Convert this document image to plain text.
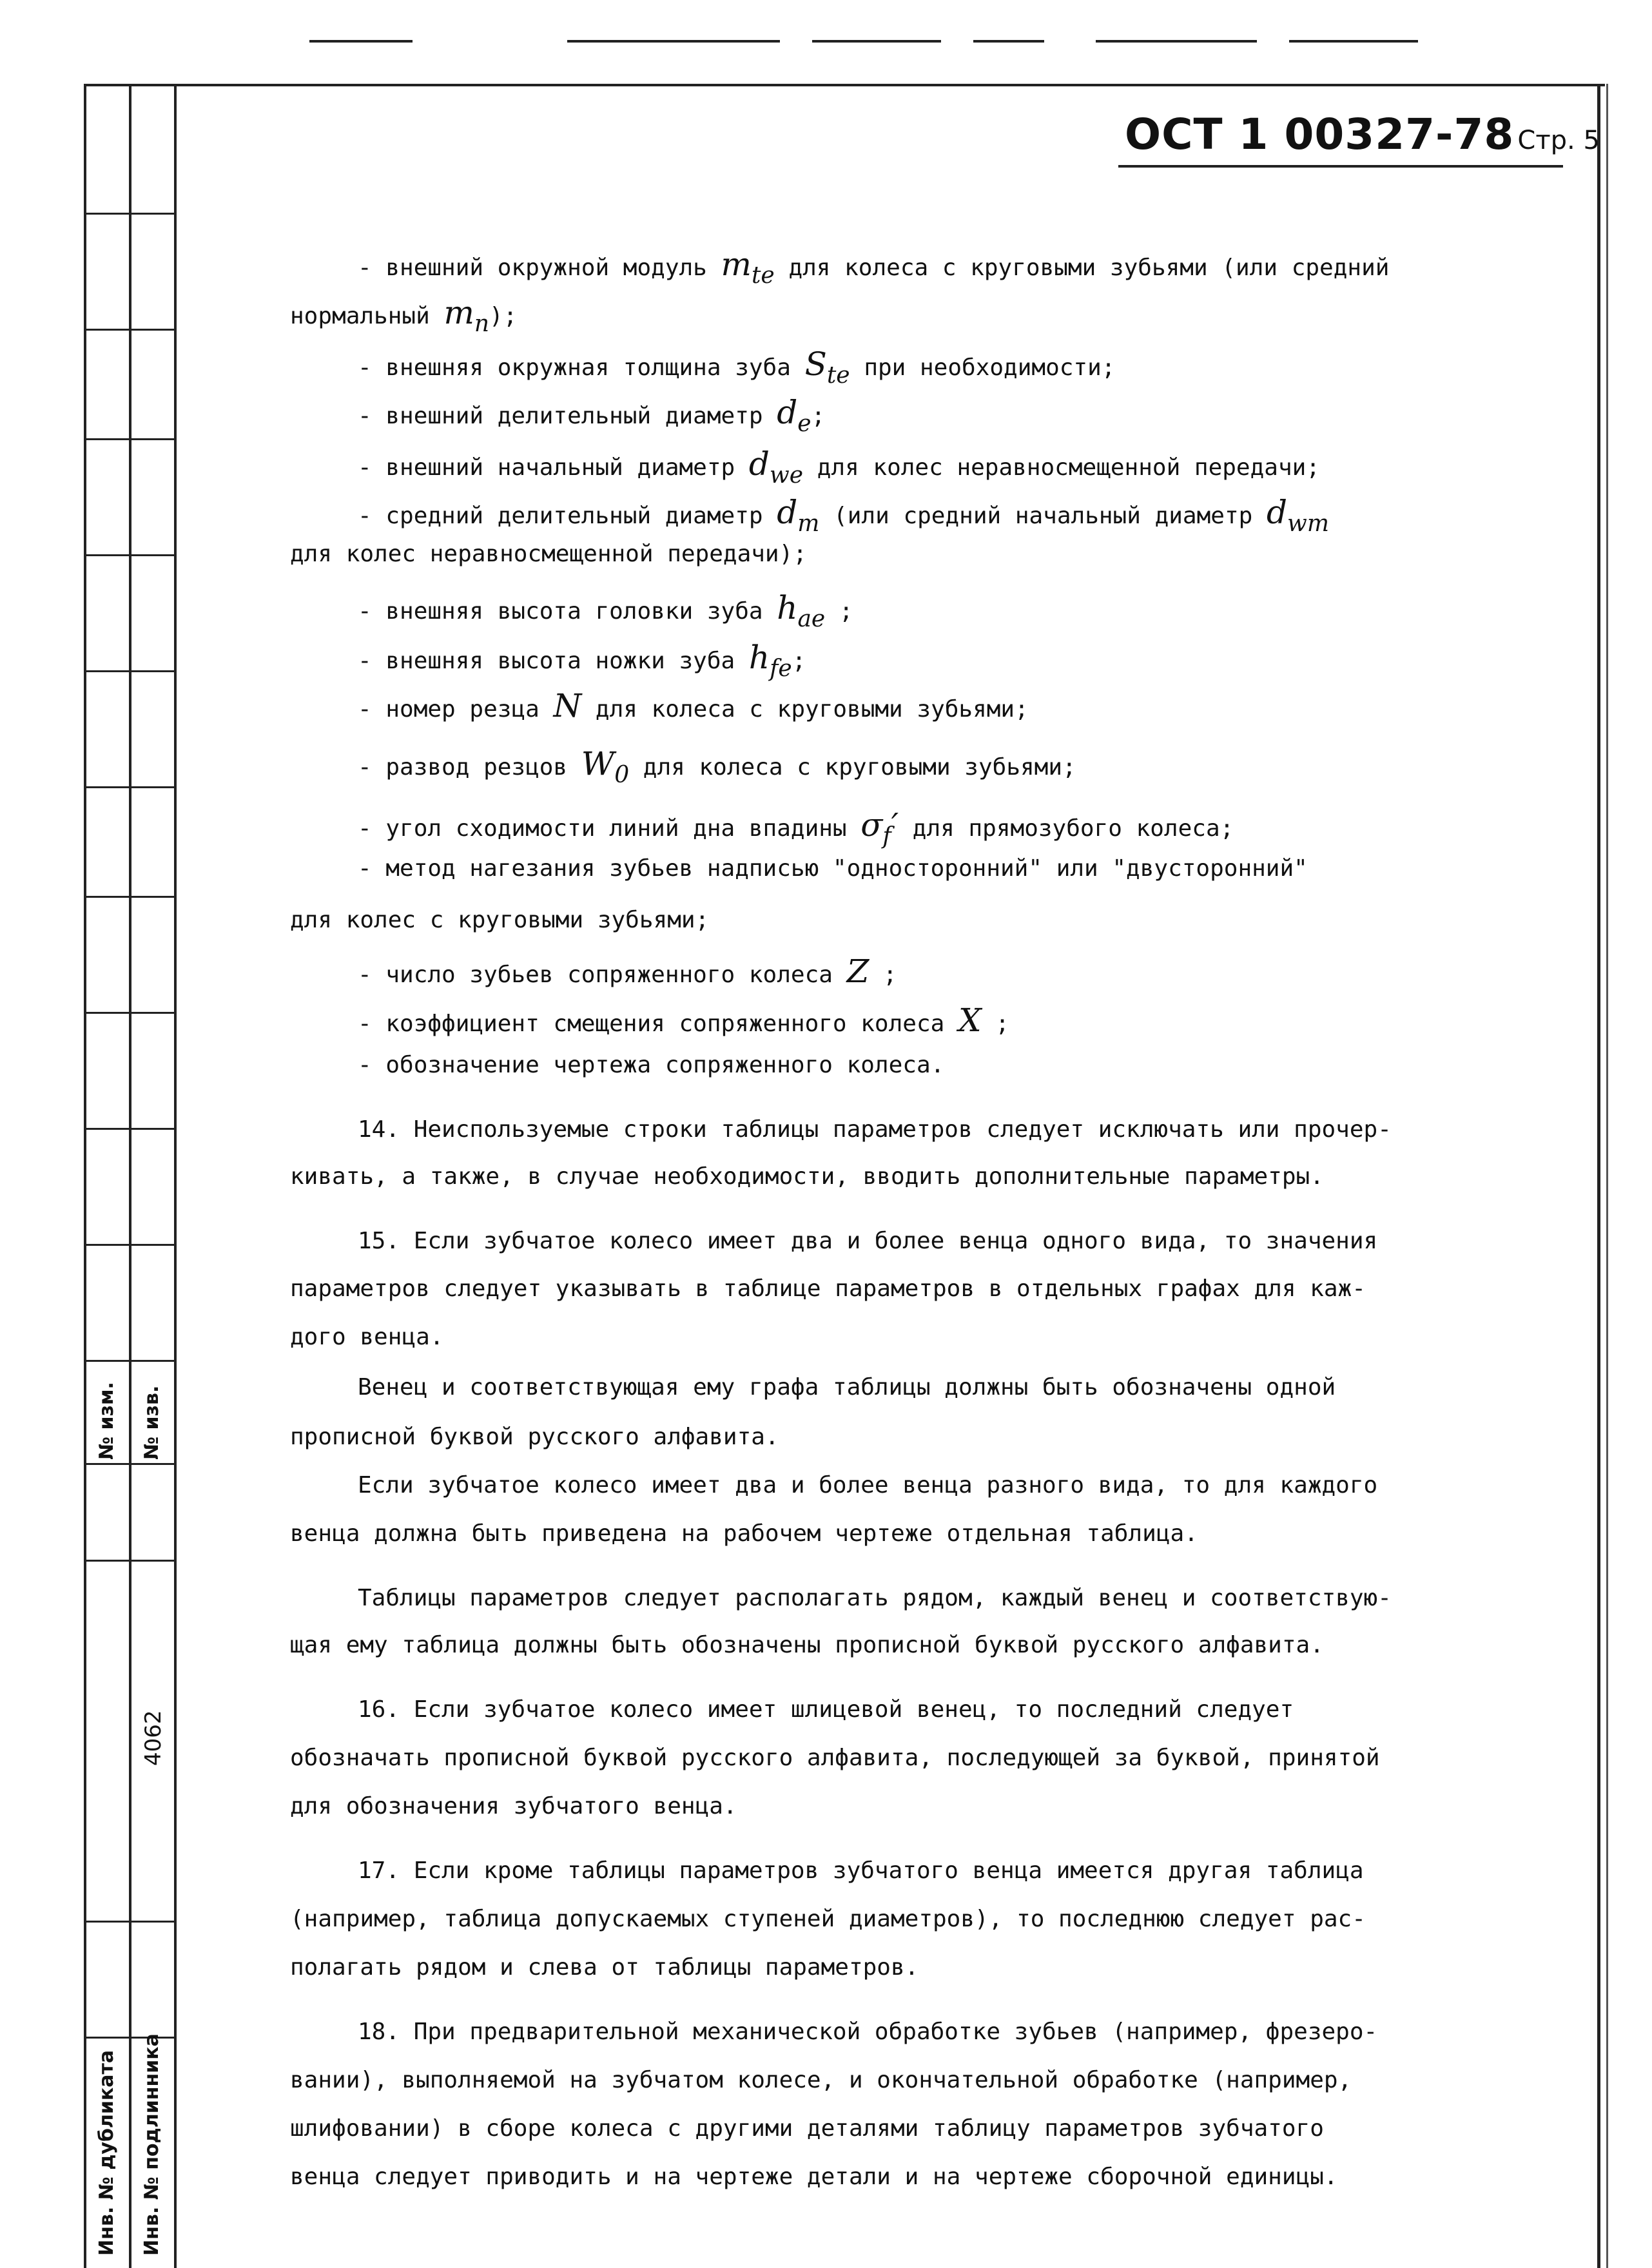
№ изм. № изв.
4062
Инв. № дубликата Инв. № подлинника
ОСТ 1 00327-78 Стр. 5
- внешний окружной модуль $m_{te}$ для колеса с круговыми зубьями (или средний
нормальный $m_n$);
- внешняя окружная толщина зуба $S_{te}$ при необходимости;
- внешний делительный диаметр $d_e$;
- внешний начальный диаметр $d_{we}$ для колес неравносмещенной передачи;
- средний делительный диаметр $d_m$ (или средний начальный диаметр $d_{wm}$
для колес неравносмещенной передачи);
- внешняя высота головки зуба $h_{ae}$ ;
- внешняя высота ножки зуба $h_{fe}$;
- номер резца N для колеса с круговыми зубьями;
- развод резцов $W_0$ для колеса с круговыми зубьями;
- угол сходимости линий дна впадины $\sigma_f'$ для прямозубого колеса;
- метод нагезания зубьев надписью "односторонний" или "двусторонний"
для колес с круговыми зубьями;
- число зубьев сопряженного колеса Z ;
- коэффициент смещения сопряженного колеса X ;
- обозначение чертежа сопряженного колеса.
14. Неиспользуемые строки таблицы параметров следует исключать или прочер-
кивать, а также, в случае необходимости, вводить дополнительные параметры.
15. Если зубчатое колесо имеет два и более венца одного вида, то значения
параметров следует указывать в таблице параметров в отдельных графах для каж-
дого венца.
Венец и соответствующая ему графа таблицы должны быть обозначены одной
прописной буквой русского алфавита.
Если зубчатое колесо имеет два и более венца разного вида, то для каждого
венца должна быть приведена на рабочем чертеже отдельная таблица.
Таблицы параметров следует располагать рядом, каждый венец и соответствую-
щая ему таблица должны быть обозначены прописной буквой русского алфавита.
16. Если зубчатое колесо имеет шлицевой венец, то последний следует
обозначать прописной буквой русского алфавита, последующей за буквой, принятой
для обозначения зубчатого венца.
17. Если кроме таблицы параметров зубчатого венца имеется другая таблица
(например, таблица допускаемых ступеней диаметров), то последнюю следует рас-
полагать рядом и слева от таблицы параметров.
18. При предварительной механической обработке зубьев (например, фрезеро-
вании), выполняемой на зубчатом колесе, и окончательной обработке (например,
шлифовании) в сборе колеса с другими деталями таблицу параметров зубчатого
венца следует приводить и на чертеже детали и на чертеже сборочной единицы.
